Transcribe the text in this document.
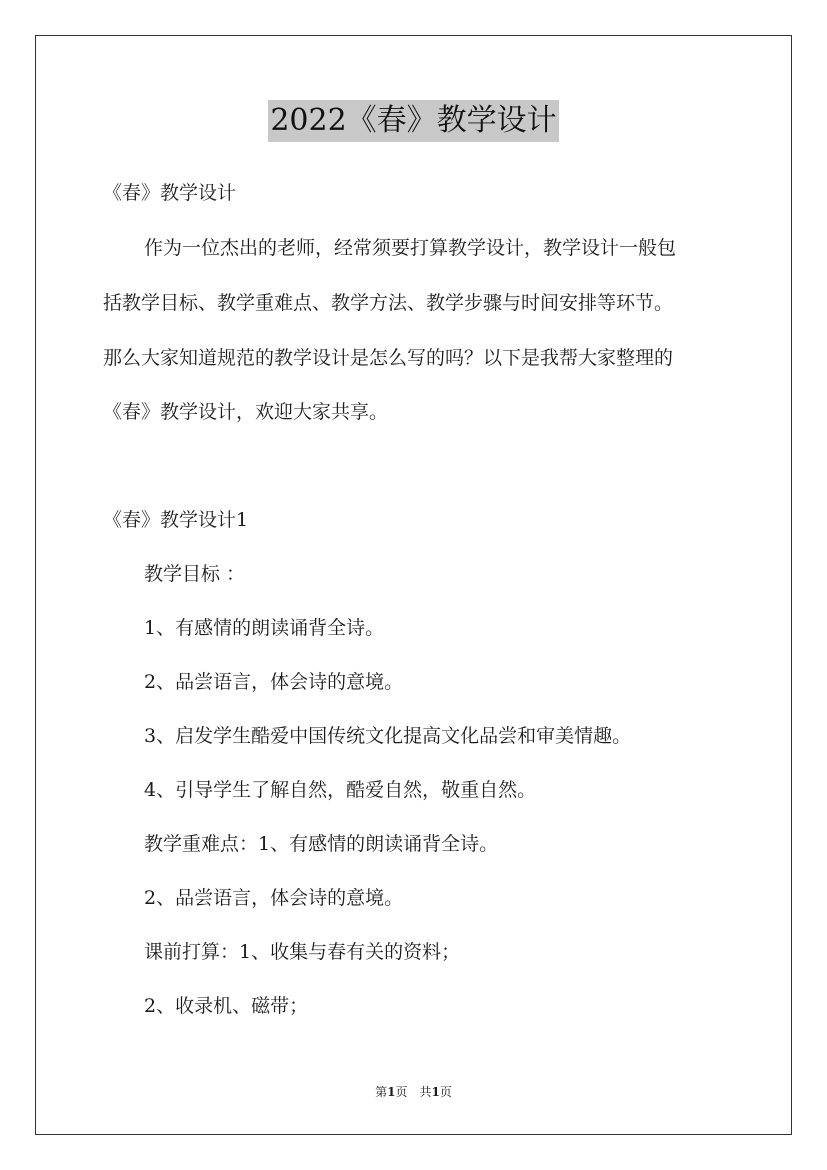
2022《春》教学设计
《春》教学设计
作为一位杰出的老师，经常须要打算教学设计，教学设计一般包
括教学目标、教学重难点、教学方法、教学步骤与时间安排等环节。
那么大家知道规范的教学设计是怎么写的吗？以下是我帮大家整理的
《春》教学设计，欢迎大家共享。
《春》教学设计1
教学目标 ：
1、有感情的朗读诵背全诗。
2、品尝语言，体会诗的意境。
3、启发学生酷爱中国传统文化提高文化品尝和审美情趣。
4、引导学生了解自然，酷爱自然，敬重自然。
教学重难点：1、有感情的朗读诵背全诗。
2、品尝语言，体会诗的意境。
课前打算：1、收集与春有关的资料；
2、收录机、磁带；
第1页 共1页
